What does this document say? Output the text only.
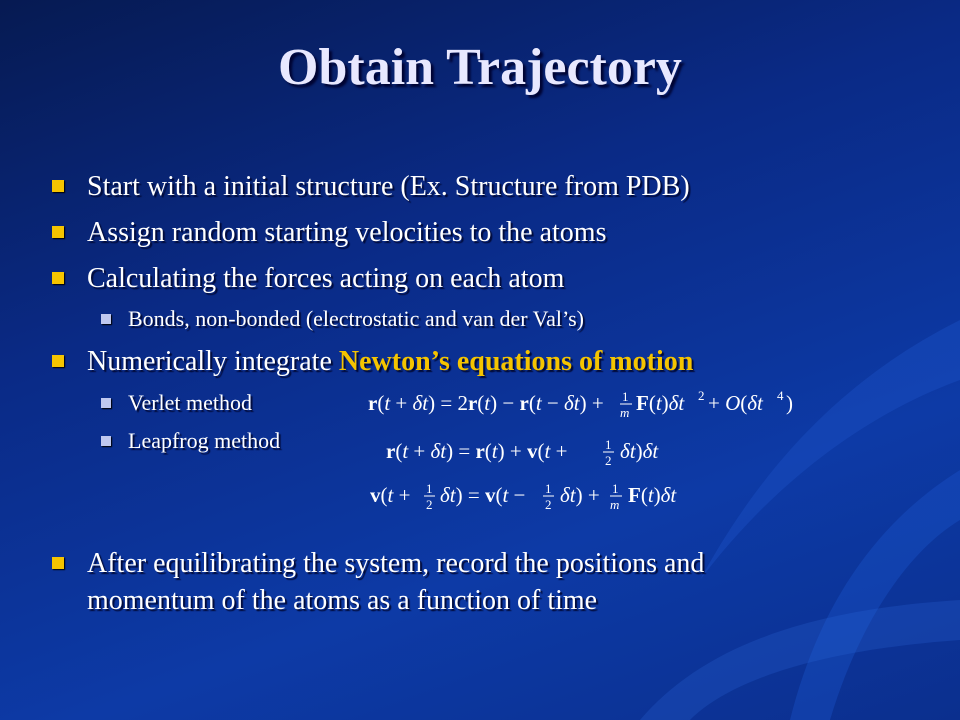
Obtain Trajectory

Start with a initial structure (Ex. Structure from PDB)

Assign random starting velocities to the atoms

Calculating the forces acting on each atom

Bonds, non-bonded (electrostatic and van der Val’s)

Numerically integrate Newton’s equations of motion

Verlet method

Leapfrog method

After equilibrating the system, record the positions and
momentum of the atoms as a function of time

r(t + δt) = 2r(t) − r(t − δt) + 1
m F(t)δt 2 + O(δt 4 )
r(t + δt) = r(t) + v(t +	1
2 δt)δt
v(t + 1
2 δt) = v(t − 1
2 δt) + 1
m F(t)δt
